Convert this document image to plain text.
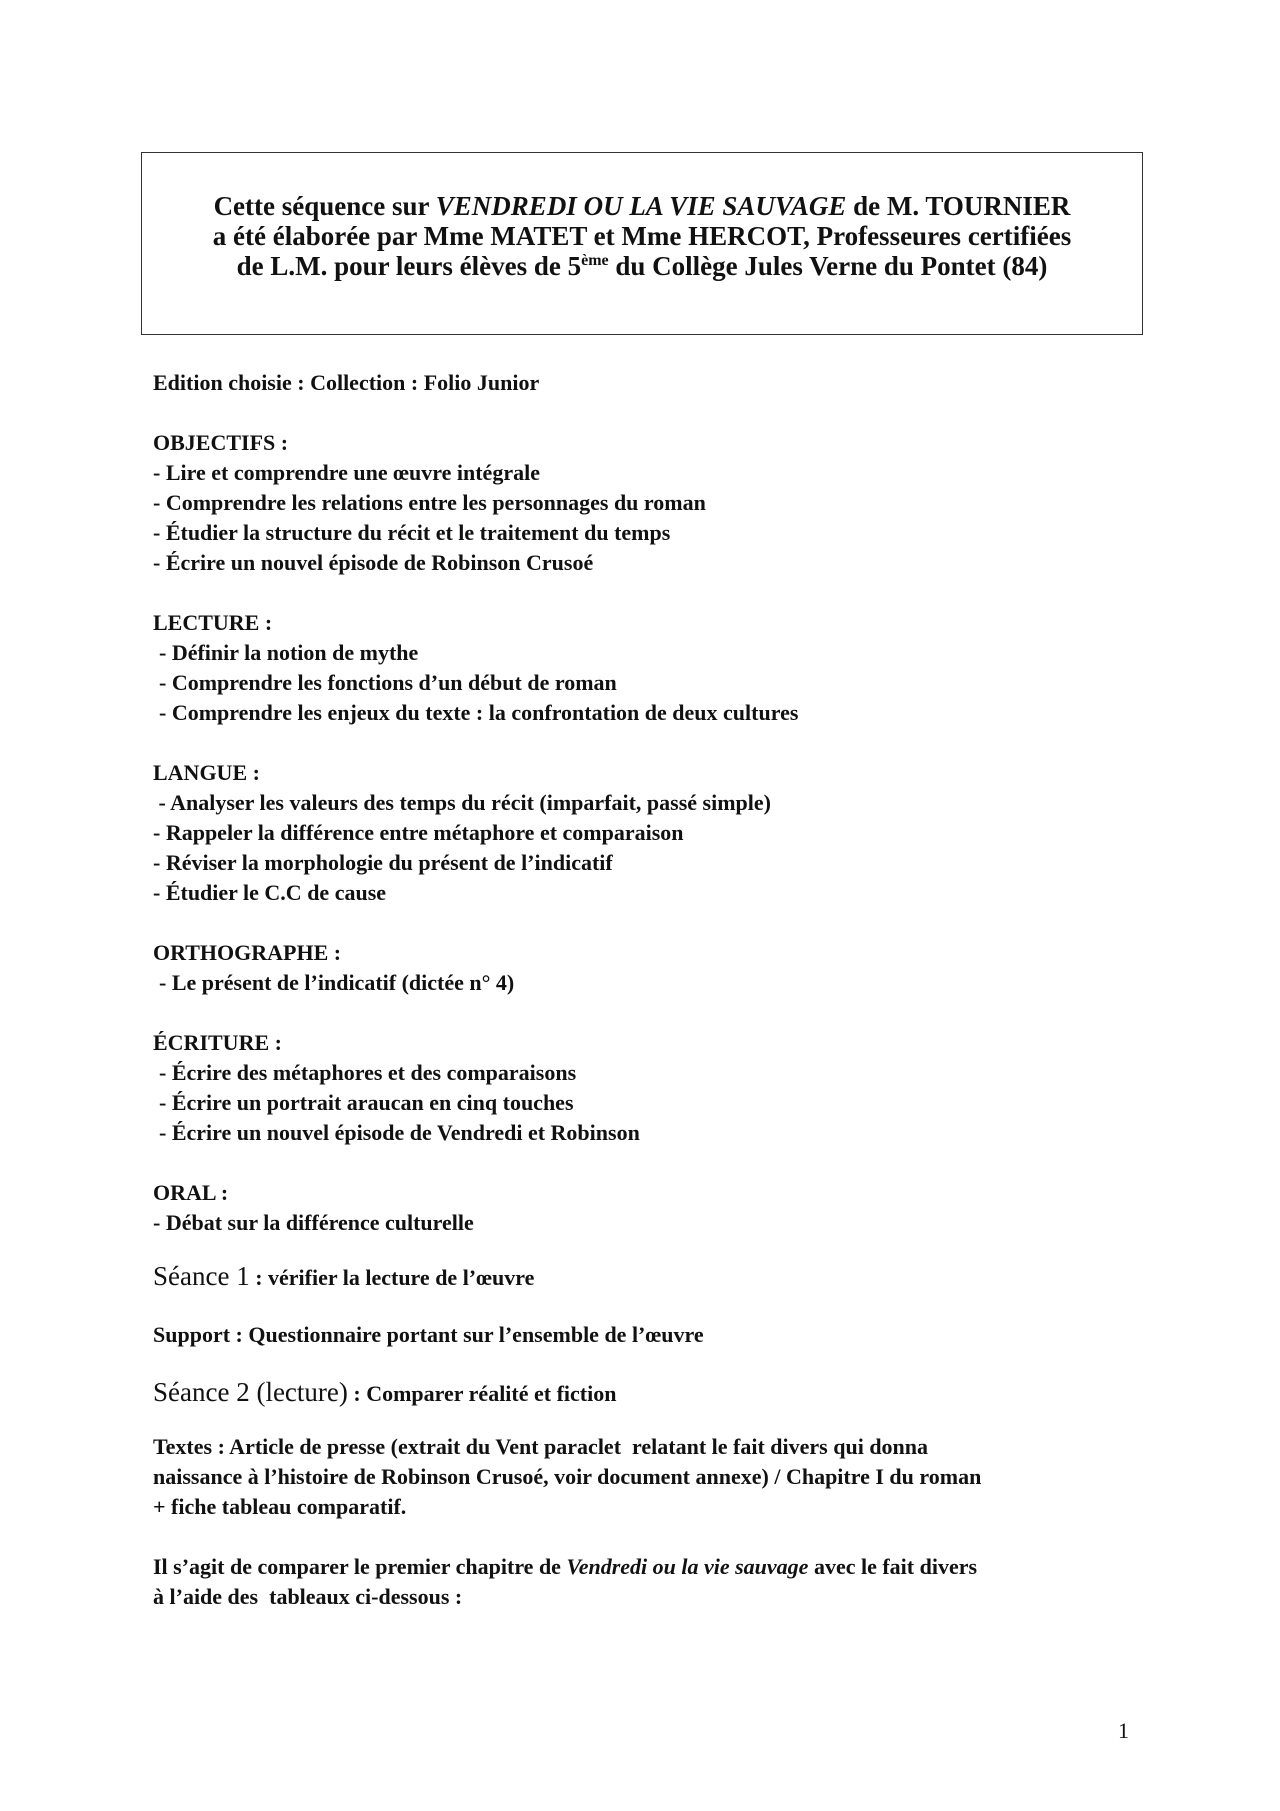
Cette séquence sur VENDREDI OU LA VIE SAUVAGE de M. TOURNIER
a été élaborée par Mme MATET et Mme HERCOT, Professeures certifiées
de L.M. pour leurs élèves de 5ème du Collège Jules Verne du Pontet (84)
Edition choisie : Collection : Folio Junior
OBJECTIFS :
- Lire et comprendre une œuvre intégrale
- Comprendre les relations entre les personnages du roman
- Étudier la structure du récit et le traitement du temps
- Écrire un nouvel épisode de Robinson Crusoé
LECTURE :
- Définir la notion de mythe
- Comprendre les fonctions d’un début de roman
- Comprendre les enjeux du texte : la confrontation de deux cultures
LANGUE :
- Analyser les valeurs des temps du récit (imparfait, passé simple)
- Rappeler la différence entre métaphore et comparaison
- Réviser la morphologie du présent de l’indicatif
- Étudier le C.C de cause
ORTHOGRAPHE :
- Le présent de l’indicatif (dictée n° 4)
ÉCRITURE :
- Écrire des métaphores et des comparaisons
- Écrire un portrait araucan en cinq touches
- Écrire un nouvel épisode de Vendredi et Robinson
ORAL :
- Débat sur la différence culturelle
Séance 1 : vérifier la lecture de l’œuvre
Support : Questionnaire portant sur l’ensemble de l’œuvre
Séance 2 (lecture) : Comparer réalité et fiction
Textes : Article de presse (extrait du Vent paraclet  relatant le fait divers qui donna
naissance à l’histoire de Robinson Crusoé, voir document annexe) / Chapitre I du roman
+ fiche tableau comparatif.
Il s’agit de comparer le premier chapitre de Vendredi ou la vie sauvage avec le fait divers
à l’aide des  tableaux ci-dessous :
1
